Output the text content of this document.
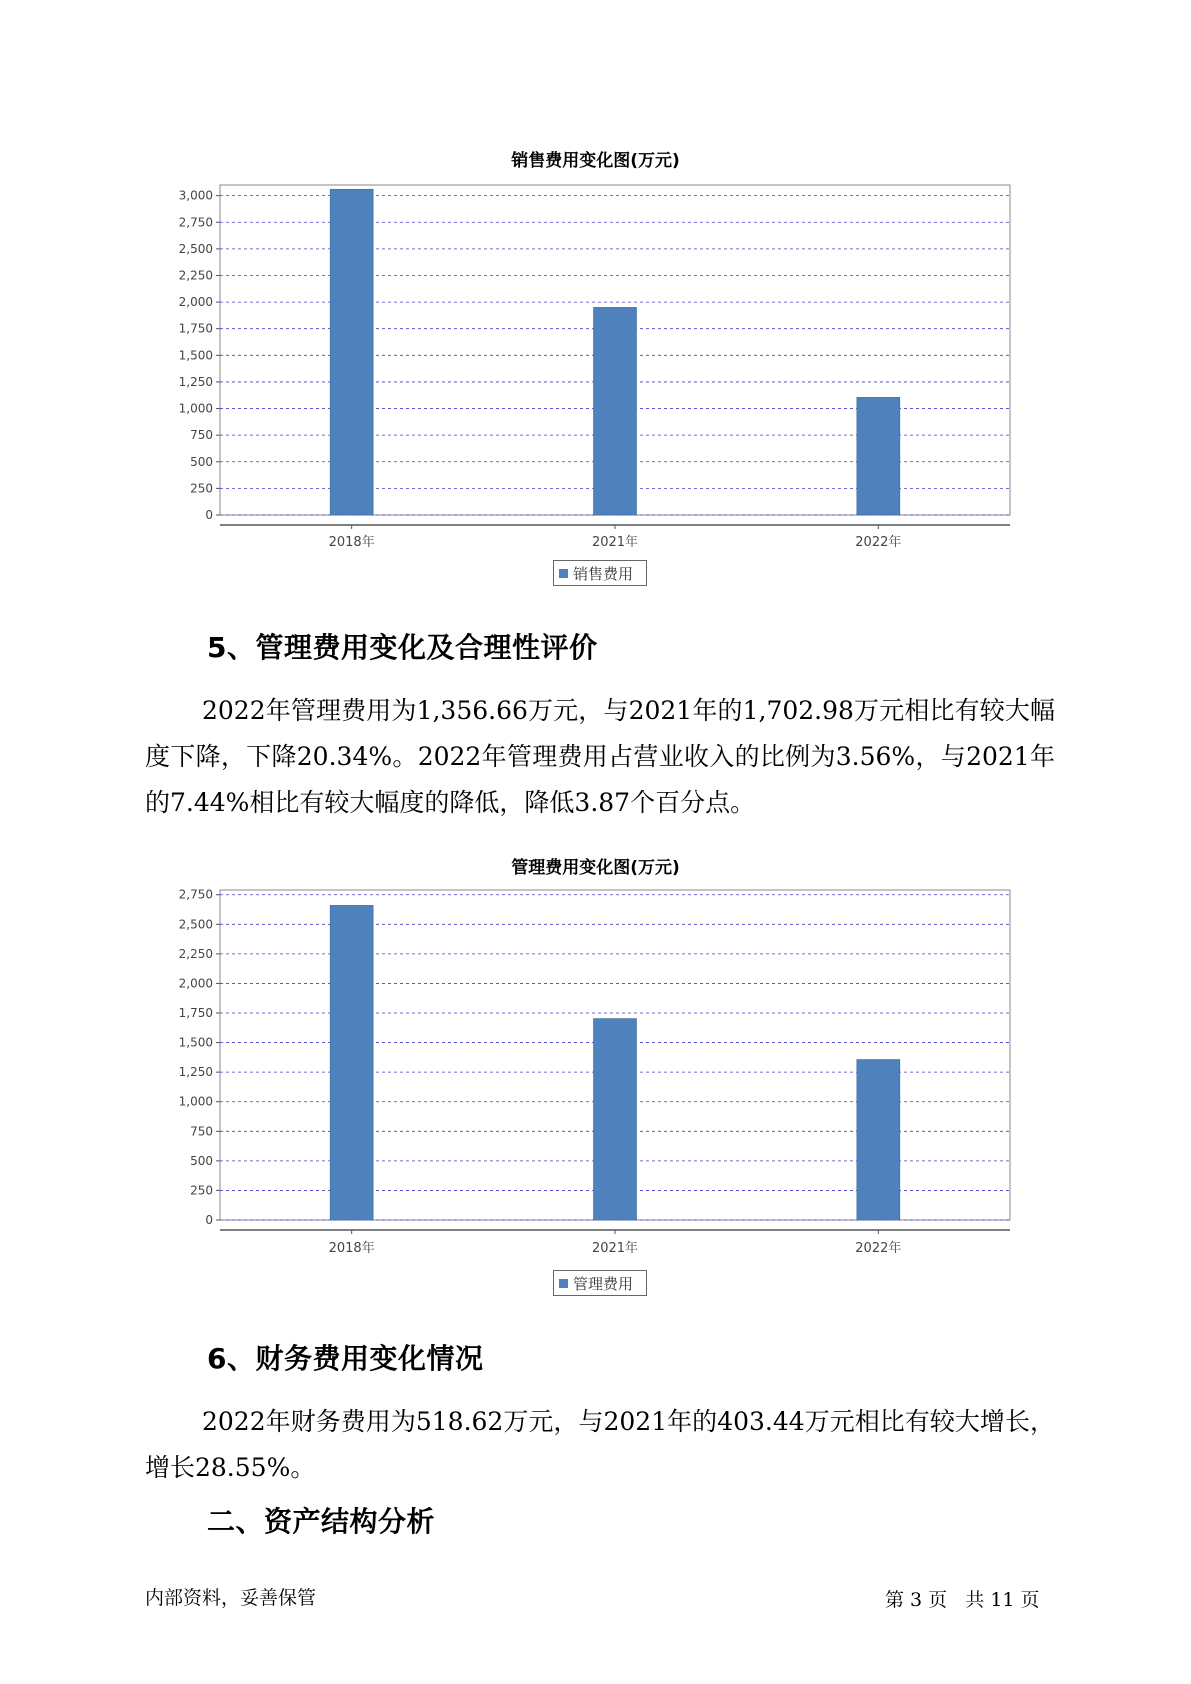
销售费用变化图(万元)
0
250
500
750
1,000
1,250
1,500
1,750
2,000
2,250
2,500
2,750
3,000
2018年	2021年	2022年
销售费用
5、管理费用变化及合理性评价

2022年管理费用为1,356.66万元，与2021年的1,702.98万元相比有较大幅度下降，下降20.34%。2022年管理费用占营业收入的比例为3.56%，与2021年的7.44%相比有较大幅度的降低，降低3.87个百分点。

管理费用变化图(万元)
0
250
500
750
1,000
1,250
1,500
1,750
2,000
2,250
2,500
2,750
2018年	2021年	2022年
管理费用
6、财务费用变化情况

2022年财务费用为518.62万元，与2021年的403.44万元相比有较大增长，增长28.55%。

二、资产结构分析
内部资料，妥善保管	第 3 页   共 11 页
